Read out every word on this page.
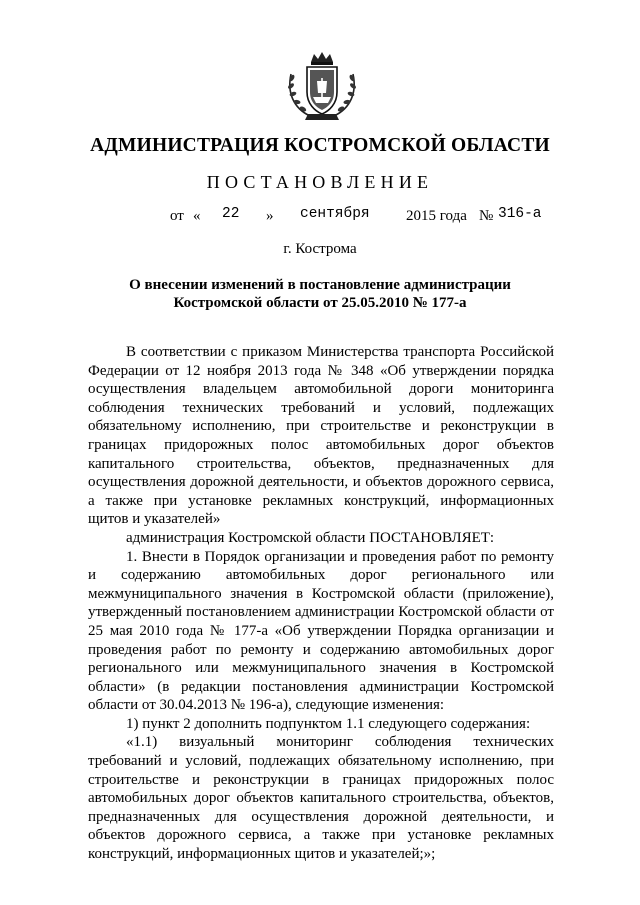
АДМИНИСТРАЦИЯ КОСТРОМСКОЙ ОБЛАСТИ
ПОСТАНОВЛЕНИЕ
от « 22 » сентября 2015 года № 316-а
г. Кострома
О внесении изменений в постановление администрации
Костромской области от 25.05.2010 № 177-а

В соответствии с приказом Министерства транспорта Российской Федерации от 12 ноября 2013 года № 348 «Об утверждении порядка осуществления владельцем автомобильной дороги мониторинга соблюдения технических требований и условий, подлежащих обязательному исполнению, при строительстве и реконструкции в границах придорожных полос автомобильных дорог объектов капитального строительства, объектов, предназначенных для осуществления дорожной деятельности, и объектов дорожного сервиса, а также при установке рекламных конструкций, информационных щитов и указателей»

администрация Костромской области ПОСТАНОВЛЯЕТ:

1. Внести в Порядок организации и проведения работ по ремонту и содержанию автомобильных дорог регионального или межмуниципального значения в Костромской области (приложение), утвержденный постановлением администрации Костромской области от 25 мая 2010 года № 177-а «Об утверждении Порядка организации и проведения работ по ремонту и содержанию автомобильных дорог регионального или межмуниципального значения в Костромской области» (в редакции постановления администрации Костромской области от 30.04.2013 № 196-а), следующие изменения:

1) пункт 2 дополнить подпунктом 1.1 следующего содержания:

«1.1) визуальный мониторинг соблюдения технических требований и условий, подлежащих обязательному исполнению, при строительстве и реконструкции в границах придорожных полос автомобильных дорог объектов капитального строительства, объектов, предназначенных для осуществления дорожной деятельности, и объектов дорожного сервиса, а также при установке рекламных конструкций, информационных щитов и указателей;»;
